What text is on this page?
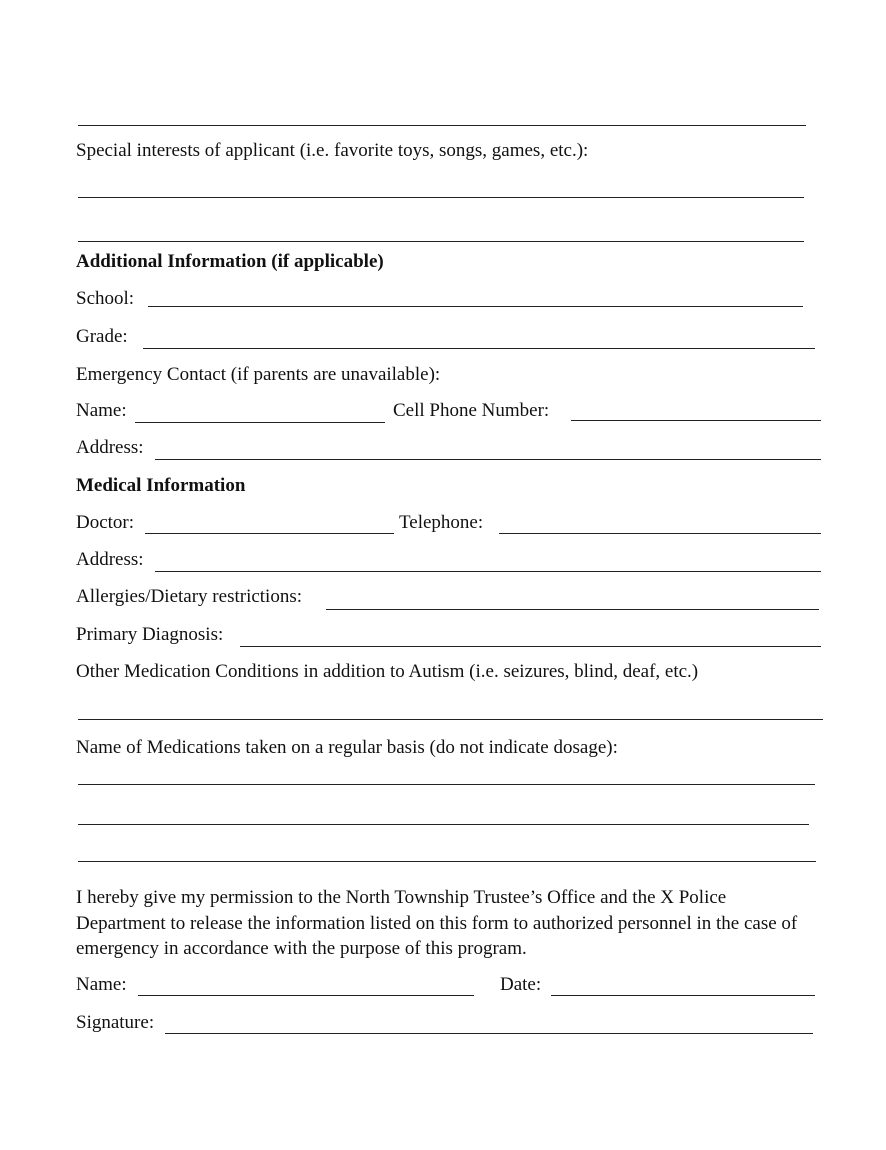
Special interests of applicant (i.e. favorite toys, songs, games, etc.):
Additional Information (if applicable)
School:
Grade:
Emergency Contact (if parents are unavailable):
Name:	Cell Phone Number:
Address:
Medical Information
Doctor:	Telephone:
Address:
Allergies/Dietary restrictions:
Primary Diagnosis:
Other Medication Conditions in addition to Autism (i.e. seizures, blind, deaf, etc.)
Name of Medications taken on a regular basis (do not indicate dosage):
I hereby give my permission to the North Township Trustee’s Office and the X Police Department to release the information listed on this form to authorized personnel in the case of emergency in accordance with the purpose of this program.
Name:	Date:
Signature:
